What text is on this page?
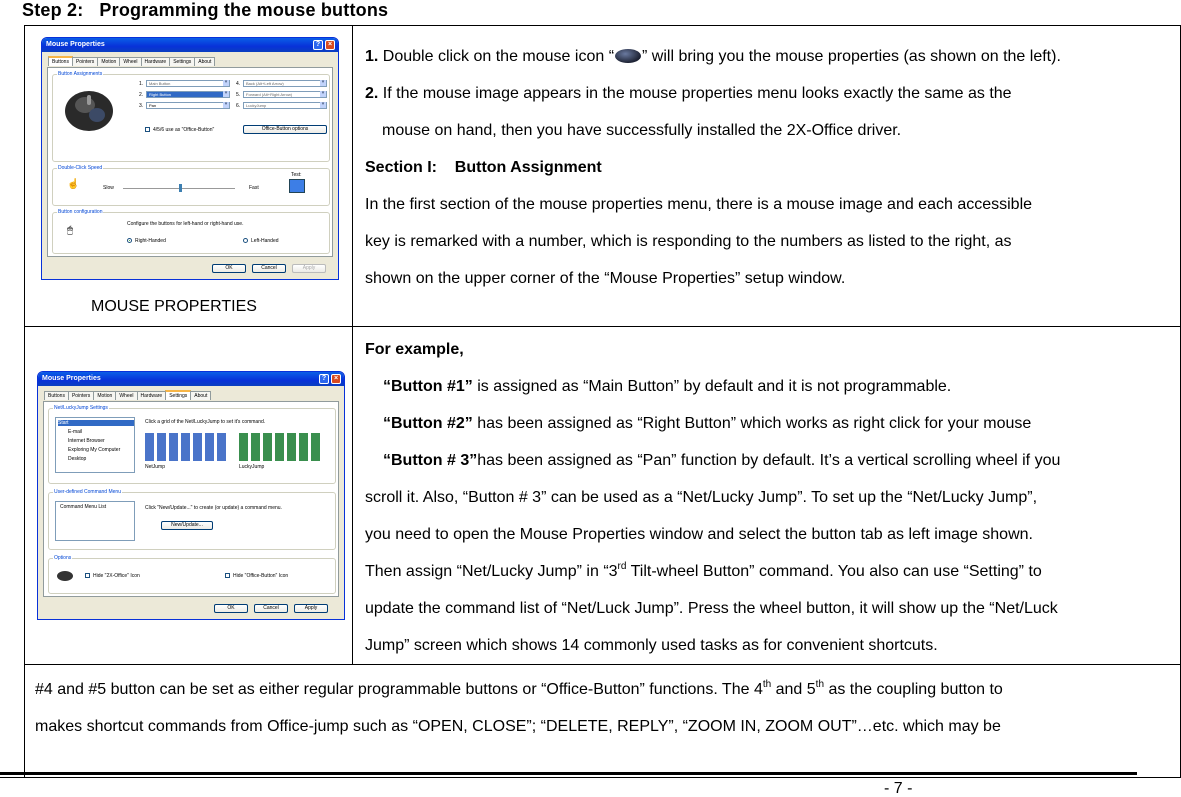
Step 2: Programming the mouse buttons
Mouse Properties	?	×
Buttons	Pointers	Motion	Wheel	Hardware	Settings	About
Button Assignments
1.	Main Button ▾
2.	Right Button ▾
3.	Pan ▾
4.	Back (Alt+Left Arrow) ▾
5.	Forward (Alt+Right Arrow) ▾
6.	LuckyJump ▾
4/5/6 use as "Office-Button"	Office-Button options
Double-Click Speed
☝	Slow	Fast
Test:
Button configuration
🖱
Configure the buttons for left-hand or right-hand use.
Right-Handed	Left-Handed
OK	Cancel	Apply
MOUSE PROPERTIES
1. Double click on the mouse icon “ ” will bring you the mouse properties (as shown on the left).
2. If the mouse image appears in the mouse properties menu looks exactly the same as the
mouse on hand, then you have successfully installed the 2X-Office driver.
Section I:    Button Assignment
In the first section of the mouse properties menu, there is a mouse image and each accessible
key is remarked with a number, which is responding to the numbers as listed to the right, as
shown on the upper corner of the “Mouse Properties” setup window.
Mouse Properties	?	×
Buttons	Pointers	Motion	Wheel	Hardware	Settings	About
Net/LuckyJump Settings
Start
E-mail
Internet Browser
Exploring My Computer
Desktop
Click a grid of the Net/LuckyJump to set it's command.
NetJump	LuckyJump
User-defined Command Menu
Command Menu List	Click "New/Update..." to create (or update) a command menu.
New/Update...
Options
Hide "2X-Office" Icon	Hide "Office-Button" Icon
OK	Cancel	Apply
For example,
“Button #1” is assigned as “Main Button” by default and it is not programmable.
“Button #2” has been assigned as “Right Button” which works as right click for your mouse
“Button # 3”has been assigned as “Pan” function by default. It’s a vertical scrolling wheel if you
scroll it. Also, “Button # 3” can be used as a “Net/Lucky Jump”. To set up the “Net/Lucky Jump”,
you need to open the Mouse Properties window and select the button tab as left image shown.
Then assign “Net/Lucky Jump” in “3rd Tilt-wheel Button” command. You also can use “Setting” to
update the command list of “Net/Luck Jump”. Press the wheel button, it will show up the “Net/Luck
Jump” screen which shows 14 commonly used tasks as for convenient shortcuts.
#4 and #5 button can be set as either regular programmable buttons or “Office-Button” functions. The 4th and 5th as the coupling button to
makes shortcut commands from Office-jump such as “OPEN, CLOSE”; “DELETE, REPLY”, “ZOOM IN, ZOOM OUT”…etc. which may be
- 7 -
